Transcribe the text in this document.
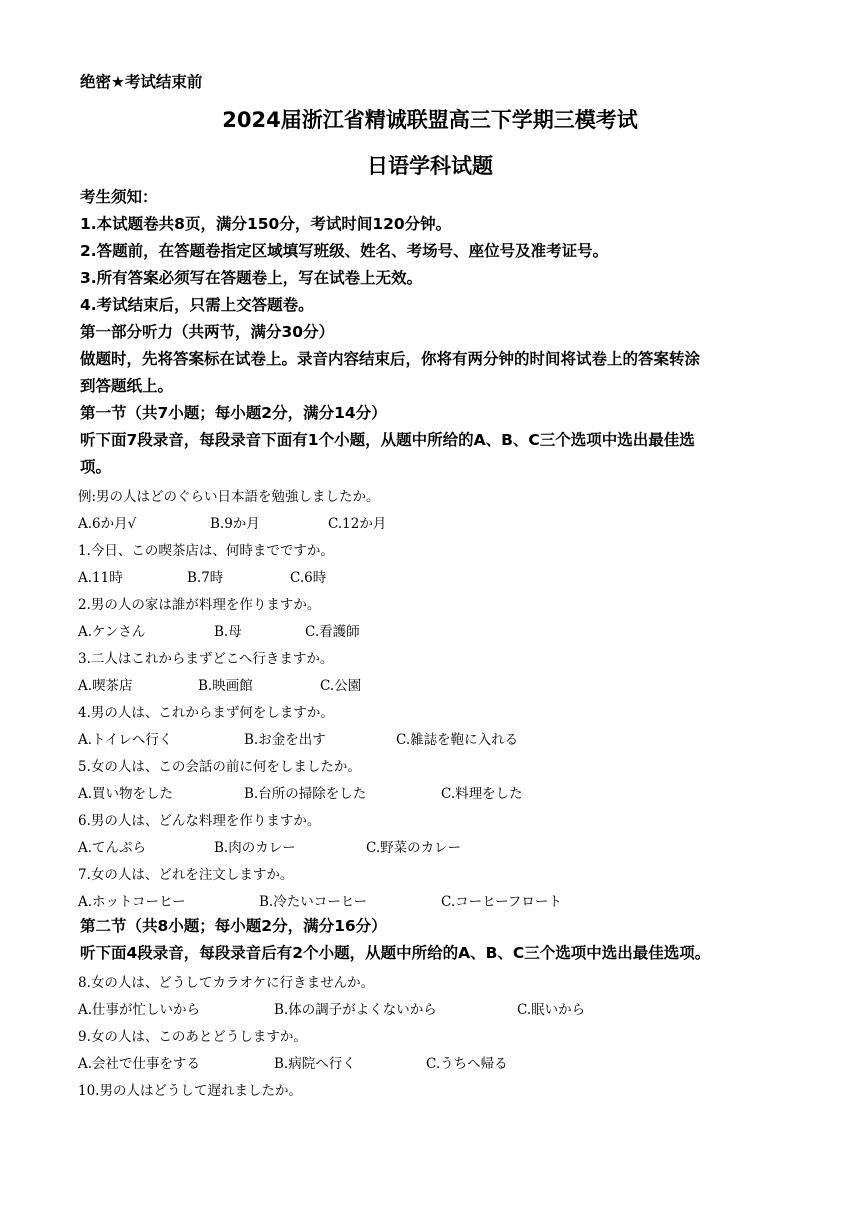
绝密★考试结束前
2024届浙江省精诚联盟高三下学期三模考试
日语学科试题
考生须知：
1.本试题卷共8页，满分150分，考试时间120分钟。
2.答题前，在答题卷指定区域填写班级、姓名、考场号、座位号及准考证号。
3.所有答案必须写在答题卷上，写在试卷上无效。
4.考试结束后，只需上交答题卷。
第一部分听力（共两节，满分30分）
做题时，先将答案标在试卷上。录音内容结束后，你将有两分钟的时间将试卷上的答案转涂
到答题纸上。
第一节（共7小题；每小题2分，满分14分）
听下面7段录音，每段录音下面有1个小题，从题中所给的A、B、C三个选项中选出最佳选
项。
例:男の人はどのぐらい日本語を勉強しましたか。
A.6か月√	B.9か月	C.12か月
1.今日、この喫茶店は、何時までですか。
A.11時	B.7時	C.6時
2.男の人の家は誰が料理を作りますか。
A.ケンさん	B.母	C.看護師
3.二人はこれからまずどこへ行きますか。
A.喫茶店	B.映画館	C.公園
4.男の人は、これからまず何をしますか。
A.トイレへ行く	B.お金を出す	C.雑誌を鞄に入れる
5.女の人は、この会話の前に何をしましたか。
A.買い物をした	B.台所の掃除をした	C.料理をした
6.男の人は、どんな料理を作りますか。
A.てんぷら	B.肉のカレー	C.野菜のカレー
7.女の人は、どれを注文しますか。
A.ホットコーヒー	B.冷たいコーヒー	C.コーヒーフロート
第二节（共8小题；每小题2分，满分16分）
听下面4段录音，每段录音后有2个小题，从题中所给的A、B、C三个选项中选出最佳选项。
8.女の人は、どうしてカラオケに行きませんか。
A.仕事が忙しいから	B.体の調子がよくないから	C.眠いから
9.女の人は、このあとどうしますか。
A.会社で仕事をする	B.病院へ行く	C.うちへ帰る
10.男の人はどうして遅れましたか。
